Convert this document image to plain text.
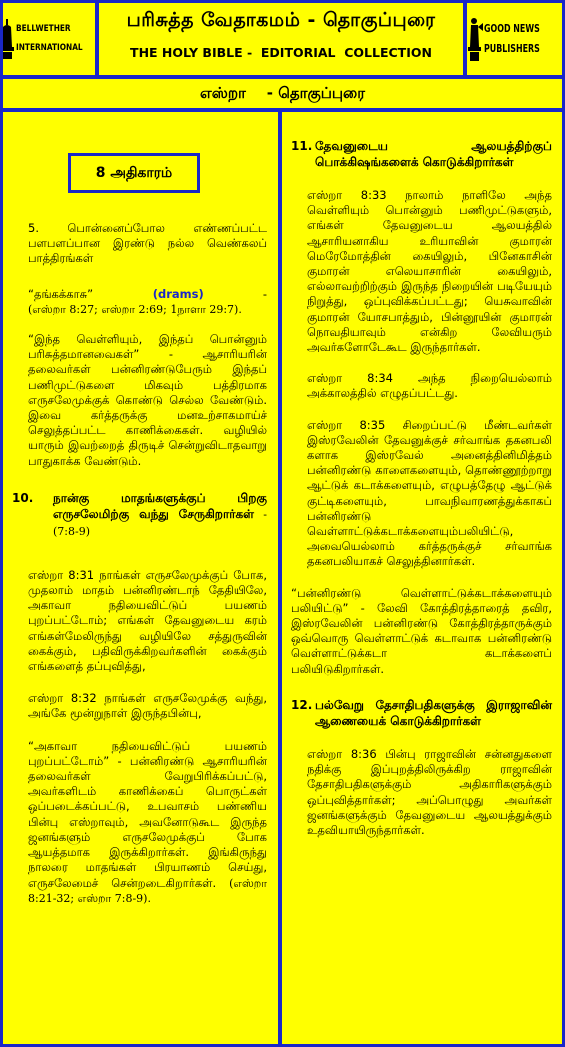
BELLWETHER
INTERNATIONAL
பரிசுத்த வேதாகமம் - தொகுப்புரை
THE HOLY BIBLE -  EDITORIAL  COLLECTION
GOOD NEWS
PUBLISHERS
எஸ்றா    - தொகுப்புரை
8 அதிகாரம்

5. பொன்னைப்போல எண்ணப்பட்ட பளபளப்பான இரண்டு நல்ல வெண்கலப் பாத்திரங்கள்

“தங்கக்காசு”	(drams)	-

(எஸ்றா 8:27; எஸ்றா 2:69; 1நாளா 29:7).

“இந்த வெள்ளியும், இந்தப் பொன்னும் பரிசுத்தமானவைகள்” - ஆசாரியரின் தலைவர்கள் பன்னிரண்டுபேரும் இந்தப் பணிமுட்டுகளை மிகவும் பத்திரமாக எருசலேமுக்குக் கொண்டு செல்ல வேண்டும். இவை கர்த்தருக்கு மனஉற்சாகமாய்ச் செலுத்தப்பட்ட காணிக்கைகள். வழியில் யாரும் இவற்றைத் திருடிச் சென்றுவிடாதவாறு பாதுகாக்க வேண்டும்.

10.	நான்கு மாதங்களுக்குப் பிறகு எருசலேமிற்கு வந்து சேருகிறார்கள் - (7:8-9)

எஸ்றா 8:31 நாங்கள் எருசலேமுக்குப் போக, முதலாம் மாதம் பன்னிரண்டாந் தேதியிலே, அகாவா நதியைவிட்டுப் பயணம் புறப்பட்டோம்; எங்கள் தேவனுடைய கரம் எங்கள்மேலிருந்து வழியிலே சத்துருவின் கைக்கும், பதிவிருக்கிறவர்களின் கைக்கும் எங்களைத் தப்புவித்து,

எஸ்றா 8:32 நாங்கள் எருசலேமுக்கு வந்து, அங்கே மூன்றுநாள் இருந்தபின்பு,

“அகாவா நதியைவிட்டுப் பயணம் புறப்பட்டோம்” - பன்னிரண்டு ஆசாரியரின் தலைவர்கள் வேறுபிரிக்கப்பட்டு, அவர்களிடம் காணிக்கைப் பொருட்கள் ஒப்படைக்கப்பட்டு, உபவாசம் பண்ணிய பின்பு எஸ்றாவும், அவனோடுகூட இருந்த ஜனங்களும் எருசலேமுக்குப் போக ஆயத்தமாக இருக்கிறார்கள். இங்கிருந்து நாலரை மாதங்கள் பிரயாணம் செய்து, எருசலேமைச் சென்றடைகிறார்கள். (எஸ்றா 8:21-32; எஸ்றா 7:8-9).

11. தேவனுடைய ஆலயத்திற்குப் பொக்கிஷங்களைக் கொடுக்கிறார்கள்

எஸ்றா 8:33 நாலாம் நாளிலே அந்த வெள்ளியும் பொன்னும் பணிமுட்டுகளும், எங்கள் தேவனுடைய ஆலயத்தில் ஆசாரியனாகிய உரியாவின் குமாரன் மெரேமோத்தின் கையிலும், பினேகாசின் குமாரன் எலெயாசாரின் கையிலும், எல்லாவற்றிற்கும் இருந்த நிறையின் படியேயும் நிறுத்து, ஒப்புவிக்கப்பட்டது; யெசுவாவின் குமாரன் யோசபாத்தும், பின்னூயின் குமாரன் நொவதியாவும் என்கிற லேவியரும் அவர்களோடேகூட இருந்தார்கள்.

எஸ்றா 8:34 அந்த நிறையெல்லாம் அக்காலத்தில் எழுதப்பட்டது.

எஸ்றா 8:35 சிறைப்பட்டு மீண்டவர்கள் இஸ்ரவேலின் தேவனுக்குச் சர்வாங்க தகனபலி களாக இஸ்ரவேல் அனைத்தினிமித்தம் பன்னிரண்டு காளைகளையும், தொண்ணூற்றாறு ஆட்டுக் கடாக்களையும், எழுபத்தேழு ஆட்டுக் குட்டிகளையும், பாவநிவாரணத்துக்காகப் பன்னிரண்டு வெள்ளாட்டுக்கடாக்களையும்பலியிட்டு, அவையெல்லாம் கர்த்தருக்குச் சர்வாங்க தகனபலியாகச் செலுத்தினார்கள்.

“பன்னிரண்டு வெள்ளாட்டுக்கடாக்களையும் பலியிட்டு” - லேவி கோத்திரத்தாரைத் தவிர, இஸ்ரவேலின் பன்னிரண்டு கோத்திரத்தாருக்கும் ஒவ்வொரு வெள்ளாட்டுக் கடாவாக பன்னிரண்டு வெள்ளாட்டுக்கடா கடாக்களைப் பலியிடுகிறார்கள்.

12. பல்வேறு தேசாதிபதிகளுக்கு இராஜாவின் ஆணையைக் கொடுக்கிறார்கள்

எஸ்றா 8:36 பின்பு ராஜாவின் சன்னதுகளை நதிக்கு இப்புறத்திலிருக்கிற ராஜாவின் தேசாதிபதிகளுக்கும் அதிகாரிகளுக்கும் ஒப்புவித்தார்கள்; அப்பொழுது அவர்கள் ஜனங்களுக்கும் தேவனுடைய ஆலயத்துக்கும் உதவியாயிருந்தார்கள்.
